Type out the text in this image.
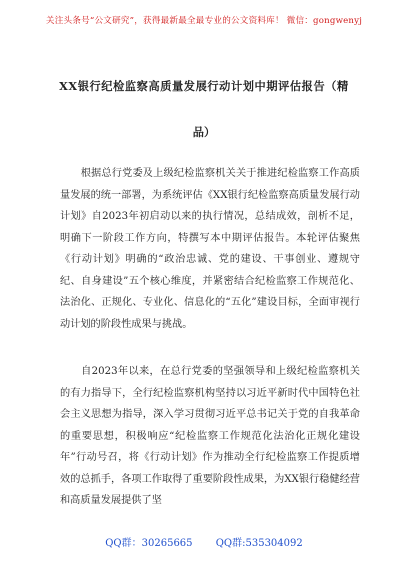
关注头条号“公文研究”，获得最新最全最专业的公文资料库！ 微信：gongwenyj
XX银行纪检监察高质量发展行动计划中期评估报告（精
品）

　　根据总行党委及上级纪检监察机关关于推进纪检监察工作高质量发展的统一部署，为系统评估《XX银行纪检监察高质量发展行动计划》自2023年初启动以来的执行情况，总结成效，剖析不足，明确下一阶段工作方向，特撰写本中期评估报告。本轮评估聚焦《行动计划》明确的“政治忠诚、党的建设、干事创业、遵规守纪、自身建设”五个核心维度，并紧密结合纪检监察工作规范化、法治化、正规化、专业化、信息化的“五化”建设目标，全面审视行动计划的阶段性成果与挑战。

　　自2023年以来，在总行党委的坚强领导和上级纪检监察机关的有力指导下，全行纪检监察机构坚持以习近平新时代中国特色社会主义思想为指导，深入学习贯彻习近平总书记关于党的自我革命的重要思想，积极响应“纪检监察工作规范化法治化正规化建设年”行动号召，将《行动计划》作为推动全行纪检监察工作提质增效的总抓手，各项工作取得了重要阶段性成果，为XX银行稳健经营和高质量发展提供了坚

QQ群：30265665 QQ群:535304092
